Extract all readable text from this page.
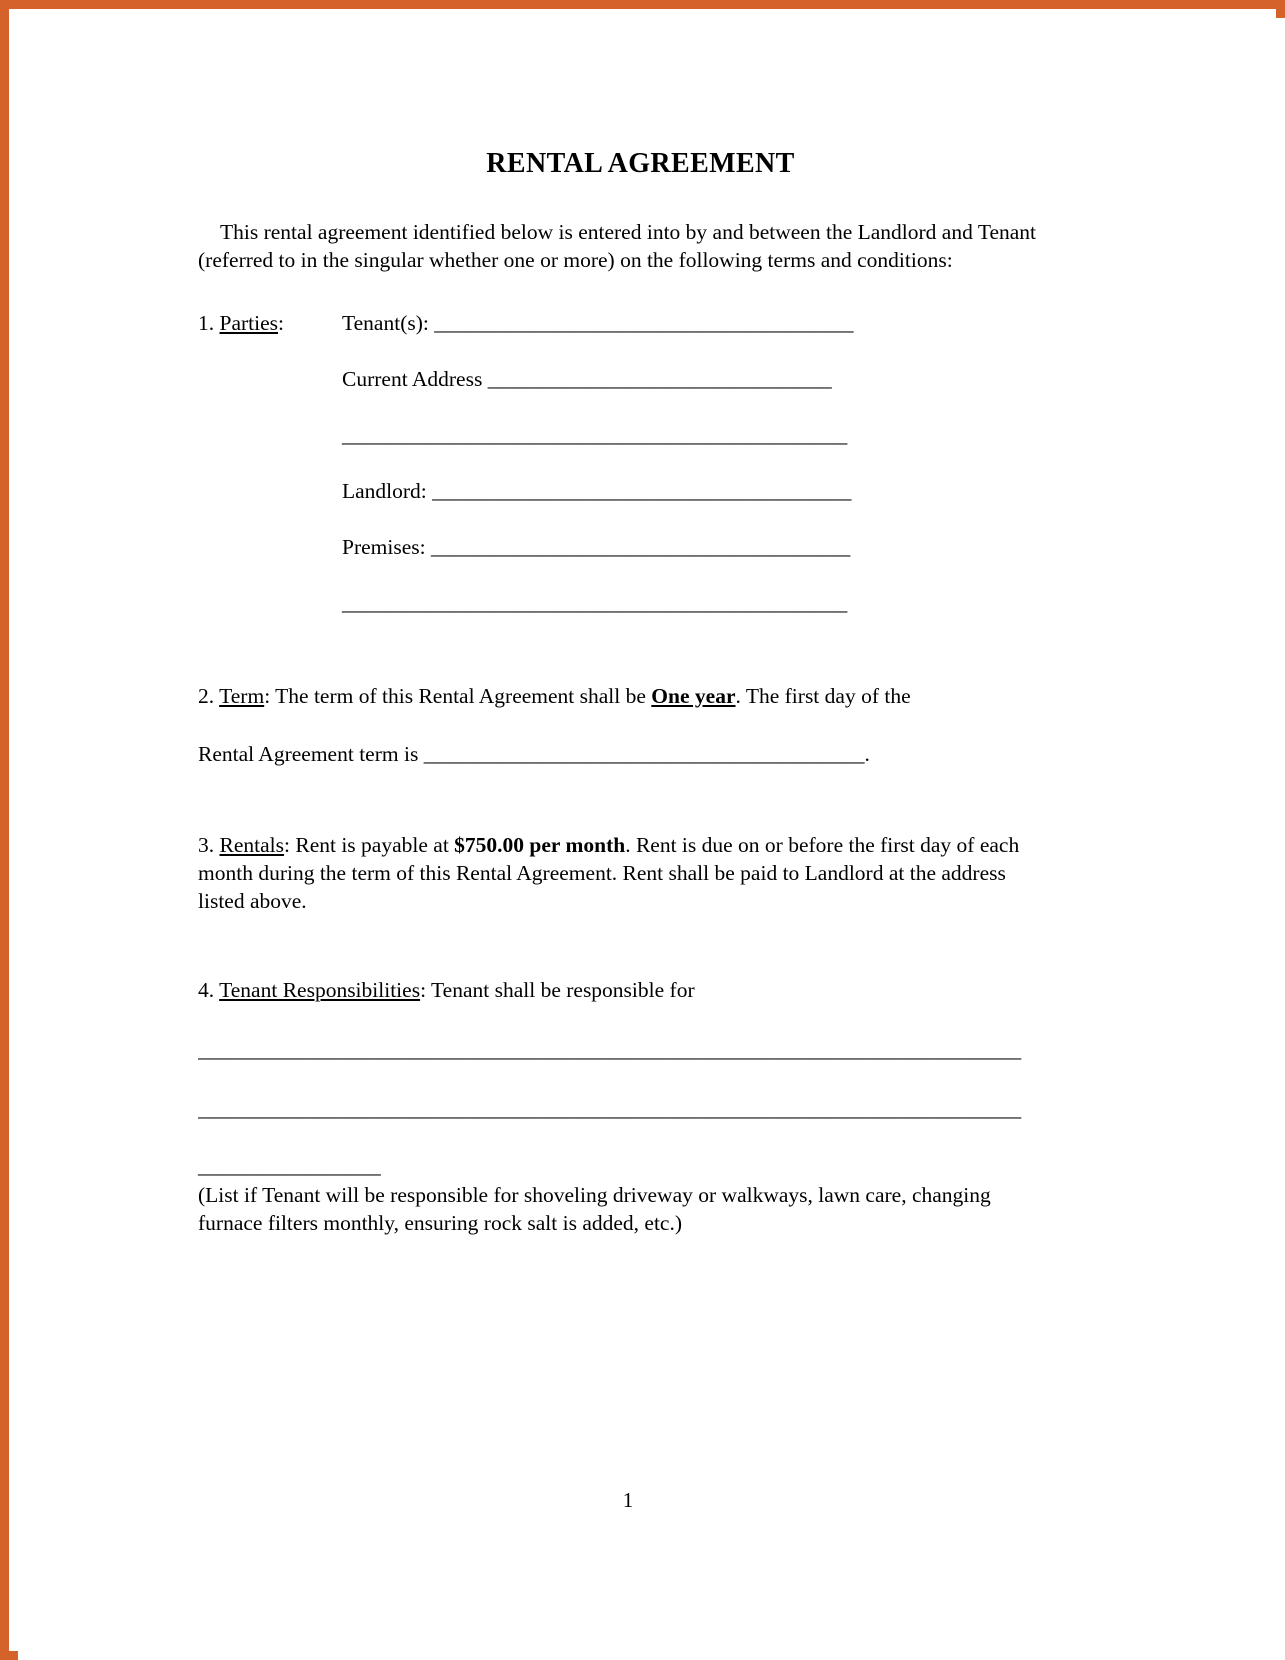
RENTAL AGREEMENT

This rental agreement identified below is entered into by and between the Landlord and Tenant (referred to in the singular whether one or more) on the following terms and conditions:

1. Parties:	Tenant(s): _______________________________________
Current Address ________________________________
_______________________________________________
Landlord: _______________________________________
Premises: _______________________________________
_______________________________________________

2. Term: The term of this Rental Agreement shall be One year. The first day of the

Rental Agreement term is _________________________________________.

3. Rentals: Rent is payable at $750.00 per month. Rent is due on or before the first day of each month during the term of this Rental Agreement. Rent shall be paid to Landlord at the address listed above.

4. Tenant Responsibilities: Tenant shall be responsible for

______________________________________________________________________________
______________________________________________________________________________
_________________

(List if Tenant will be responsible for shoveling driveway or walkways, lawn care, changing furnace filters monthly, ensuring rock salt is added, etc.)

1
